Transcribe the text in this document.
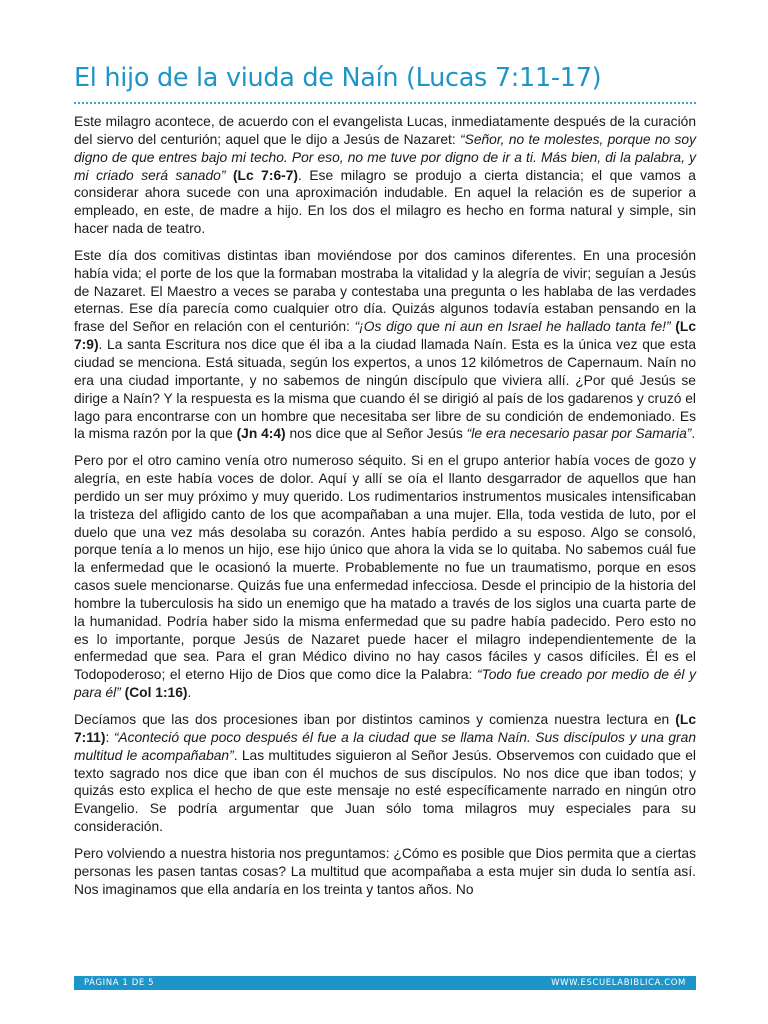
El hijo de la viuda de Naín (Lucas 7:11-17)

Este milagro acontece, de acuerdo con el evangelista Lucas, inmediatamente después de la curación del siervo del centurión; aquel que le dijo a Jesús de Nazaret: “Señor, no te molestes, porque no soy digno de que entres bajo mi techo. Por eso, no me tuve por digno de ir a ti. Más bien, di la palabra, y mi criado será sanado” (Lc 7:6-7). Ese milagro se produjo a cierta distancia; el que vamos a considerar ahora sucede con una aproximación indudable. En aquel la relación es de superior a empleado, en este, de madre a hijo. En los dos el milagro es hecho en forma natural y simple, sin hacer nada de teatro.

Este día dos comitivas distintas iban moviéndose por dos caminos diferentes. En una procesión había vida; el porte de los que la formaban mostraba la vitalidad y la alegría de vivir; seguían a Jesús de Nazaret. El Maestro a veces se paraba y contestaba una pregunta o les hablaba de las verdades eternas. Ese día parecía como cualquier otro día. Quizás algunos todavía estaban pensando en la frase del Señor en relación con el centurión: “¡Os digo que ni aun en Israel he hallado tanta fe!” (Lc 7:9). La santa Escritura nos dice que él iba a la ciudad llamada Naín. Esta es la única vez que esta ciudad se menciona. Está situada, según los expertos, a unos 12 kilómetros de Capernaum. Naín no era una ciudad importante, y no sabemos de ningún discípulo que viviera allí. ¿Por qué Jesús se dirige a Naín? Y la respuesta es la misma que cuando él se dirigió al país de los gadarenos y cruzó el lago para encontrarse con un hombre que necesitaba ser libre de su condición de endemoniado. Es la misma razón por la que (Jn 4:4) nos dice que al Señor Jesús “le era necesario pasar por Samaria”.

Pero por el otro camino venía otro numeroso séquito. Si en el grupo anterior había voces de gozo y alegría, en este había voces de dolor. Aquí y allí se oía el llanto desgarrador de aquellos que han perdido un ser muy próximo y muy querido. Los rudimentarios instrumentos musicales intensificaban la tristeza del afligido canto de los que acompañaban a una mujer. Ella, toda vestida de luto, por el duelo que una vez más desolaba su corazón. Antes había perdido a su esposo. Algo se consoló, porque tenía a lo menos un hijo, ese hijo único que ahora la vida se lo quitaba. No sabemos cuál fue la enfermedad que le ocasionó la muerte. Probablemente no fue un traumatismo, porque en esos casos suele mencionarse. Quizás fue una enfermedad infecciosa. Desde el principio de la historia del hombre la tuberculosis ha sido un enemigo que ha matado a través de los siglos una cuarta parte de la humanidad. Podría haber sido la misma enfermedad que su padre había padecido. Pero esto no es lo importante, porque Jesús de Nazaret puede hacer el milagro independientemente de la enfermedad que sea. Para el gran Médico divino no hay casos fáciles y casos difíciles. Él es el Todopoderoso; el eterno Hijo de Dios que como dice la Palabra: “Todo fue creado por medio de él y para él” (Col 1:16).

Decíamos que las dos procesiones iban por distintos caminos y comienza nuestra lectura en (Lc 7:11): “Aconteció que poco después él fue a la ciudad que se llama Naín. Sus discípulos y una gran multitud le acompañaban”. Las multitudes siguieron al Señor Jesús. Observemos con cuidado que el texto sagrado nos dice que iban con él muchos de sus discípulos. No nos dice que iban todos; y quizás esto explica el hecho de que este mensaje no esté específicamente narrado en ningún otro Evangelio. Se podría argumentar que Juan sólo toma milagros muy especiales para su consideración.

Pero volviendo a nuestra historia nos preguntamos: ¿Cómo es posible que Dios permita que a ciertas personas les pasen tantas cosas? La multitud que acompañaba a esta mujer sin duda lo sentía así. Nos imaginamos que ella andaría en los treinta y tantos años. No

PÁGINA 1 DE 5	WWW.ESCUELABIBLICA.COM
